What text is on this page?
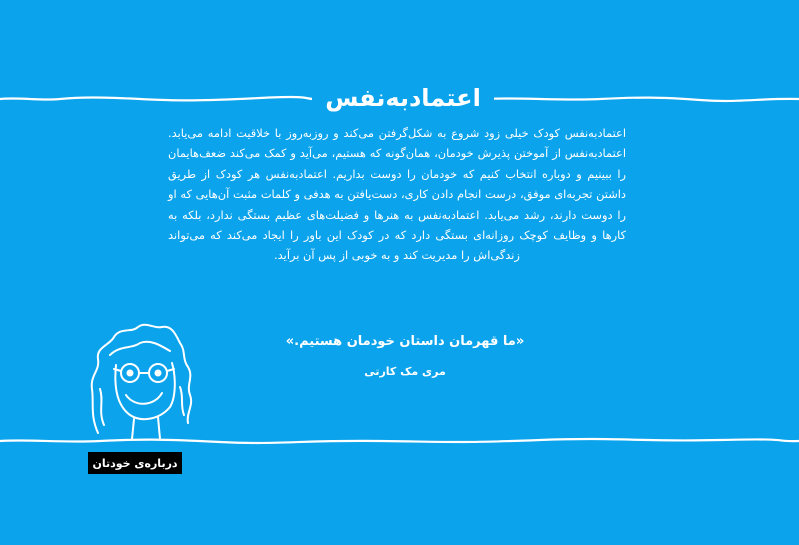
اعتمادبه‌نفس

اعتمادبه‌نفس کودک خیلی زود شروع به شکل‌گرفتن می‌کند و روزبه‌روز با خلاقیت ادامه می‌یابد. اعتمادبه‌نفس از آموختن پذیرش خودمان، همان‌گونه که هستیم، می‌آید و کمک می‌کند ضعف‌هایمان را ببینیم و دوباره انتخاب کنیم که خودمان را دوست بداریم. اعتمادبه‌نفس هر کودک از طریق داشتن تجربه‌ای موفق، درست انجام دادن کاری، دست‌یافتن به هدفی و کلمات مثبت آن‌هایی که او را دوست دارند، رشد می‌یابد. اعتمادبه‌نفس به هنرها و فضیلت‌های عظیم بستگی ندارد، بلکه به کارها و وظایف کوچک روزانه‌ای بستگی دارد که در کودک این باور را ایجاد می‌کند که می‌تواند زندگی‌اش را مدیریت کند و به خوبی از پس آن برآید.

«ما قهرمان داستان خودمان هستیم.»
مری مک کارتی
درباره‌ی خودتان
